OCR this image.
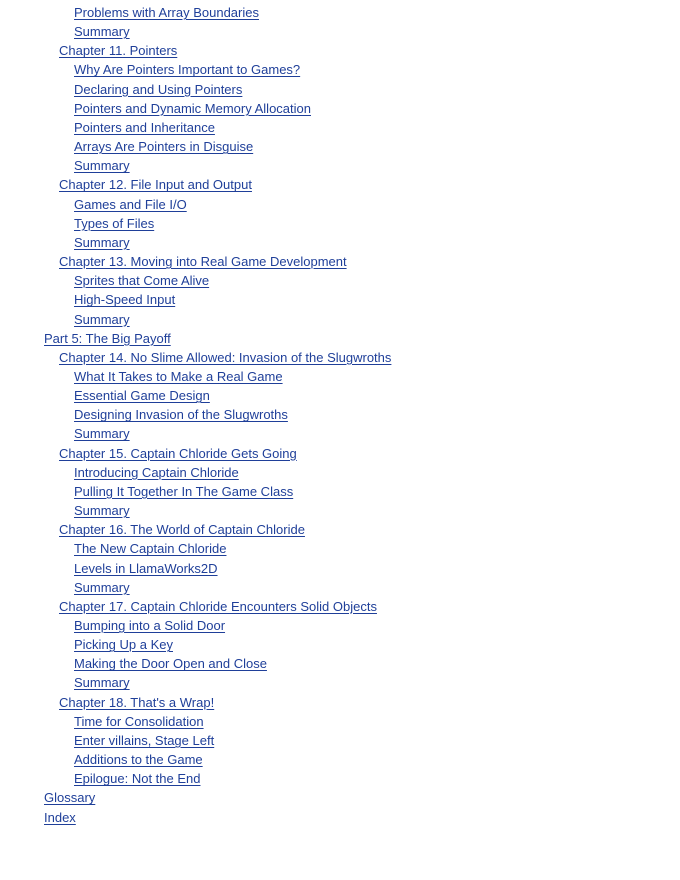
Problems with Array Boundaries
Summary
Chapter 11. Pointers
Why Are Pointers Important to Games?
Declaring and Using Pointers
Pointers and Dynamic Memory Allocation
Pointers and Inheritance
Arrays Are Pointers in Disguise
Summary
Chapter 12. File Input and Output
Games and File I/O
Types of Files
Summary
Chapter 13. Moving into Real Game Development
Sprites that Come Alive
High-Speed Input
Summary
Part 5: The Big Payoff
Chapter 14. No Slime Allowed: Invasion of the Slugwroths
What It Takes to Make a Real Game
Essential Game Design
Designing Invasion of the Slugwroths
Summary
Chapter 15. Captain Chloride Gets Going
Introducing Captain Chloride
Pulling It Together In The Game Class
Summary
Chapter 16. The World of Captain Chloride
The New Captain Chloride
Levels in LlamaWorks2D
Summary
Chapter 17. Captain Chloride Encounters Solid Objects
Bumping into a Solid Door
Picking Up a Key
Making the Door Open and Close
Summary
Chapter 18. That's a Wrap!
Time for Consolidation
Enter villains, Stage Left
Additions to the Game
Epilogue: Not the End
Glossary
Index
